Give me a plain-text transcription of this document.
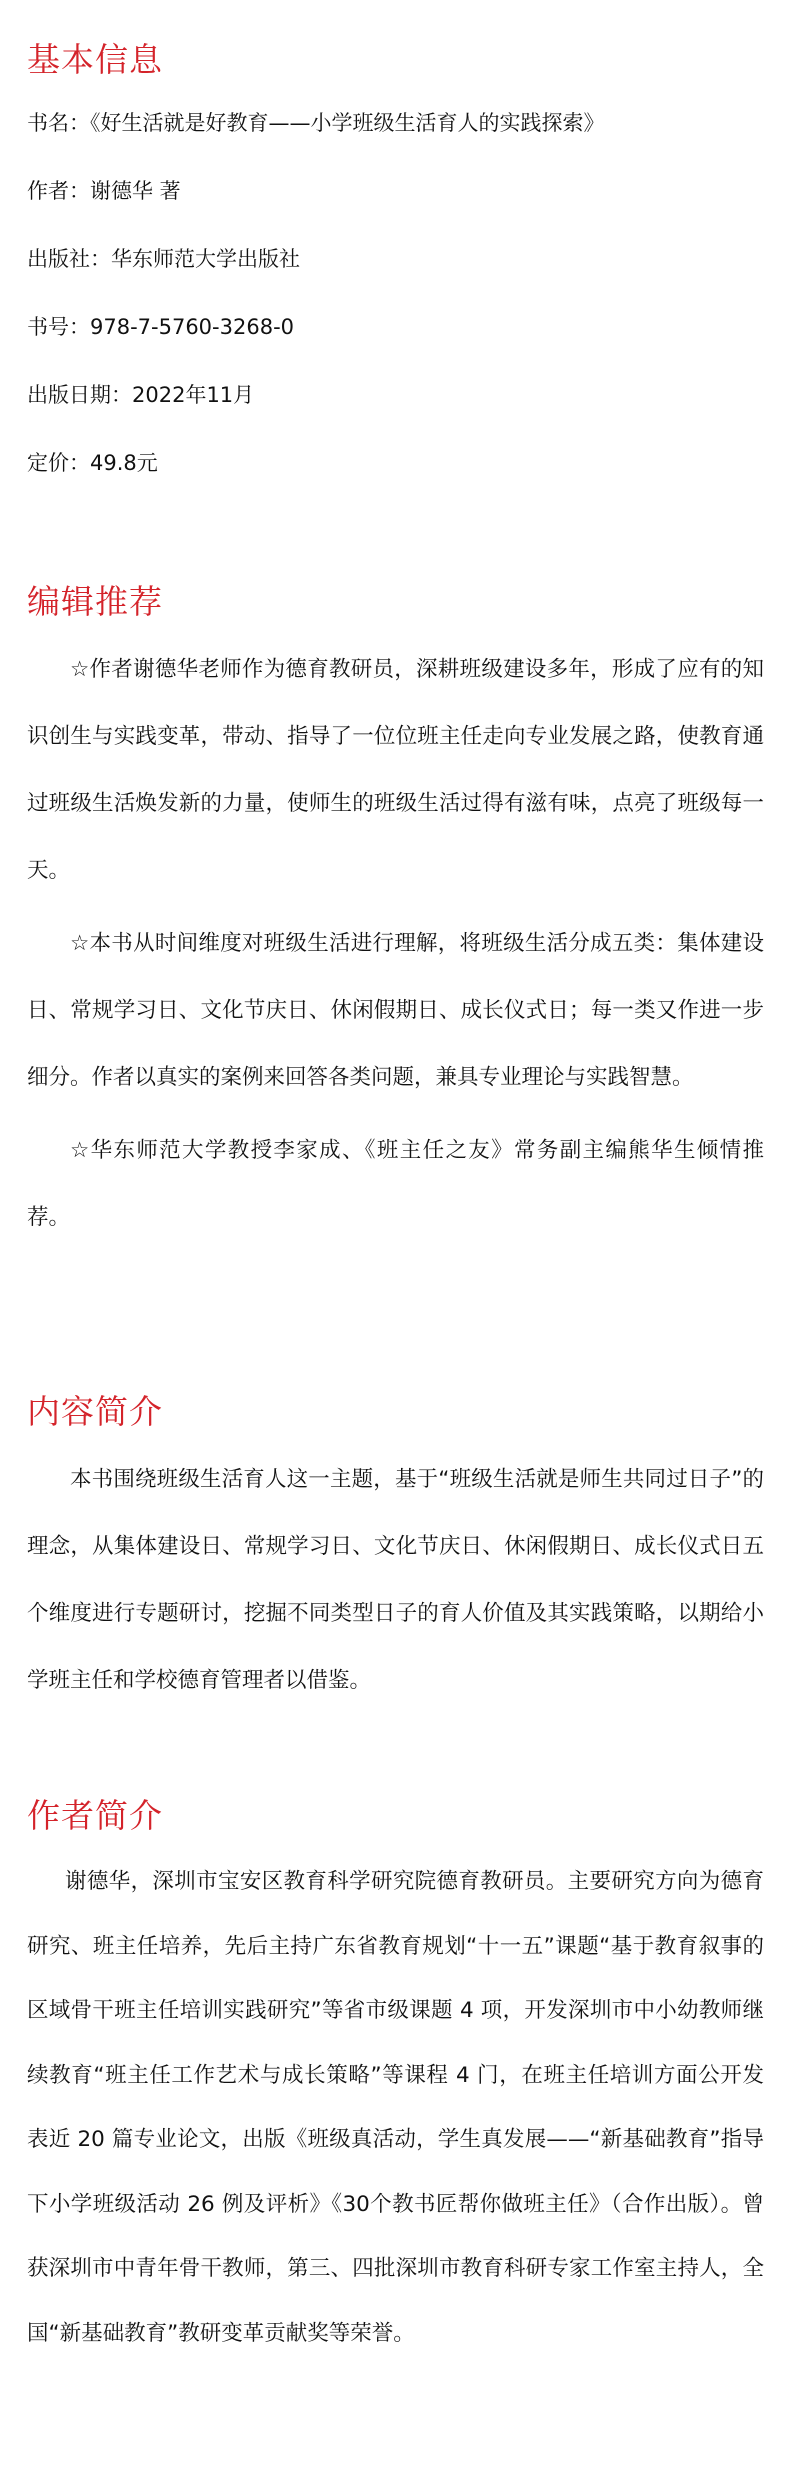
基本信息

书名：《好生活就是好教育——小学班级生活育人的实践探索》

作者：谢德华 著

出版社：华东师范大学出版社

书号：978-7-5760-3268-0

出版日期：2022年11月

定价：49.8元

编辑推荐

☆作者谢德华老师作为德育教研员，深耕班级建设多年，形成了应有的知识创生与实践变革，带动、指导了一位位班主任走向专业发展之路，使教育通过班级生活焕发新的力量，使师生的班级生活过得有滋有味，点亮了班级每一天。

☆本书从时间维度对班级生活进行理解，将班级生活分成五类：集体建设日、常规学习日、文化节庆日、休闲假期日、成长仪式日；每一类又作进一步细分。作者以真实的案例来回答各类问题，兼具专业理论与实践智慧。

☆华东师范大学教授李家成、《班主任之友》常务副主编熊华生倾情推荐。

内容简介

本书围绕班级生活育人这一主题，基于“班级生活就是师生共同过日子”的理念，从集体建设日、常规学习日、文化节庆日、休闲假期日、成长仪式日五个维度进行专题研讨，挖掘不同类型日子的育人价值及其实践策略，以期给小学班主任和学校德育管理者以借鉴。

作者简介

谢德华，深圳市宝安区教育科学研究院德育教研员。主要研究方向为德育研究、班主任培养，先后主持广东省教育规划“十一五”课题“基于教育叙事的区域骨干班主任培训实践研究”等省市级课题 4 项，开发深圳市中小幼教师继续教育“班主任工作艺术与成长策略”等课程 4 门，在班主任培训方面公开发表近 20 篇专业论文，出版《班级真活动，学生真发展——“新基础教育”指导下小学班级活动 26 例及评析》《30个教书匠帮你做班主任》（合作出版）。曾获深圳市中青年骨干教师，第三、四批深圳市教育科研专家工作室主持人，全国“新基础教育”教研变革贡献奖等荣誉。
